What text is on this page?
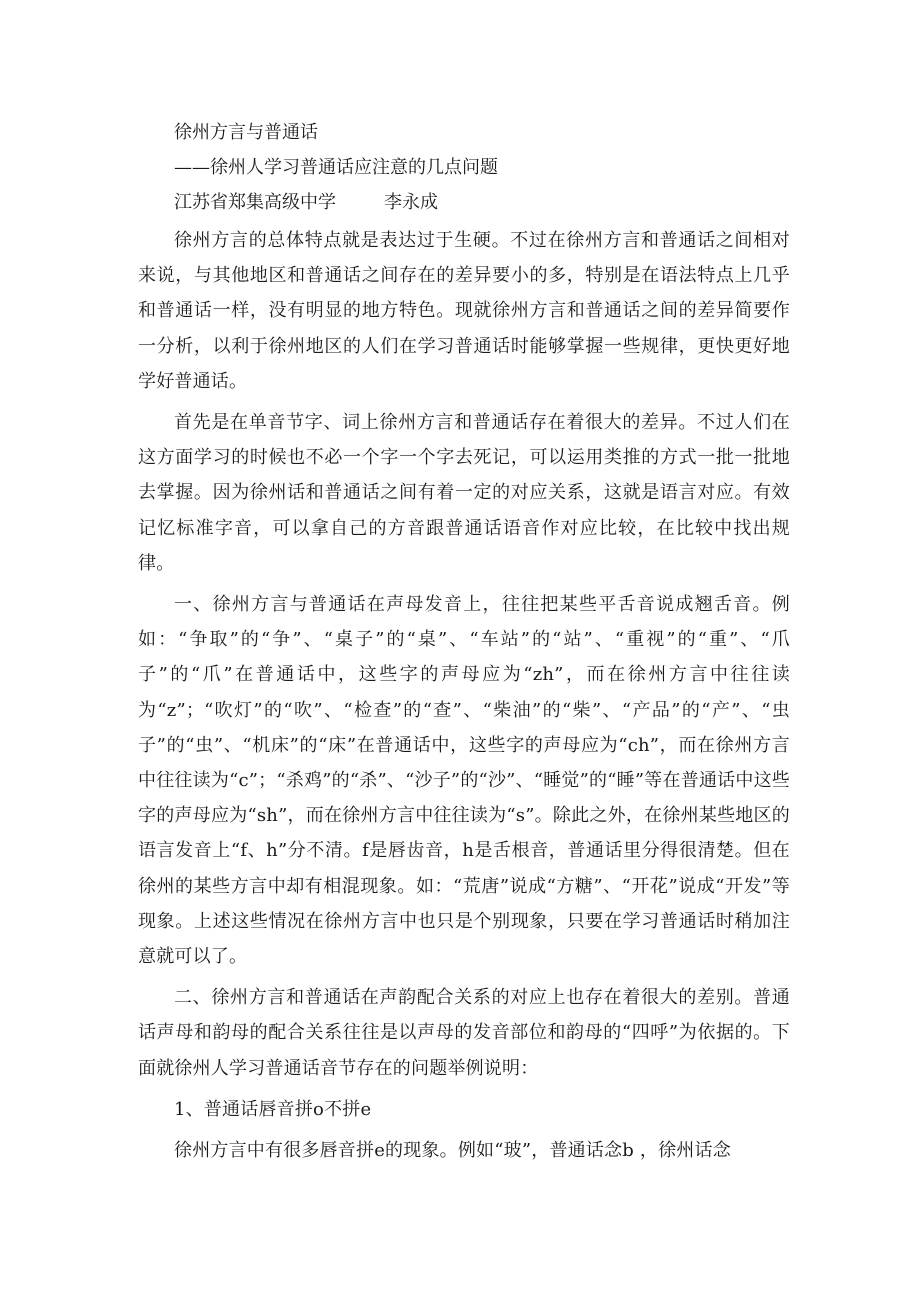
徐州方言与普通话
——徐州人学习普通话应注意的几点问题
江苏省郑集高级中学	李永成

徐州方言的总体特点就是表达过于生硬。不过在徐州方言和普通话之间相对来说，与其他地区和普通话之间存在的差异要小的多，特别是在语法特点上几乎和普通话一样，没有明显的地方特色。现就徐州方言和普通话之间的差异简要作一分析，以利于徐州地区的人们在学习普通话时能够掌握一些规律，更快更好地学好普通话。

首先是在单音节字、词上徐州方言和普通话存在着很大的差异。不过人们在这方面学习的时候也不必一个字一个字去死记，可以运用类推的方式一批一批地去掌握。因为徐州话和普通话之间有着一定的对应关系，这就是语言对应。有效记忆标准字音，可以拿自己的方音跟普通话语音作对应比较，在比较中找出规律。

一、徐州方言与普通话在声母发音上，往往把某些平舌音说成翘舌音。例如：“争取”的“争”、“桌子”的“桌”、“车站”的“站”、“重视”的“重”、“爪子”的“爪”在普通话中，这些字的声母应为“zh”，而在徐州方言中往往读为“z”；“吹灯”的“吹”、“检查”的“查”、“柴油”的“柴”、“产品”的“产”、“虫子”的“虫”、“机床”的“床”在普通话中，这些字的声母应为“ch”，而在徐州方言中往往读为“c”；“杀鸡”的“杀”、“沙子”的“沙”、“睡觉”的“睡”等在普通话中这些字的声母应为“sh”，而在徐州方言中往往读为“s”。除此之外，在徐州某些地区的语言发音上“f、h”分不清。f是唇齿音，h是舌根音，普通话里分得很清楚。但在徐州的某些方言中却有相混现象。如：“荒唐”说成“方糖”、“开花”说成“开发”等现象。上述这些情况在徐州方言中也只是个别现象，只要在学习普通话时稍加注意就可以了。

二、徐州方言和普通话在声韵配合关系的对应上也存在着很大的差别。普通话声母和韵母的配合关系往往是以声母的发音部位和韵母的“四呼”为依据的。下面就徐州人学习普通话音节存在的问题举例说明：

1、普通话唇音拼o不拼e

徐州方言中有很多唇音拼e的现象。例如“玻”，普通话念b ，徐州话念
